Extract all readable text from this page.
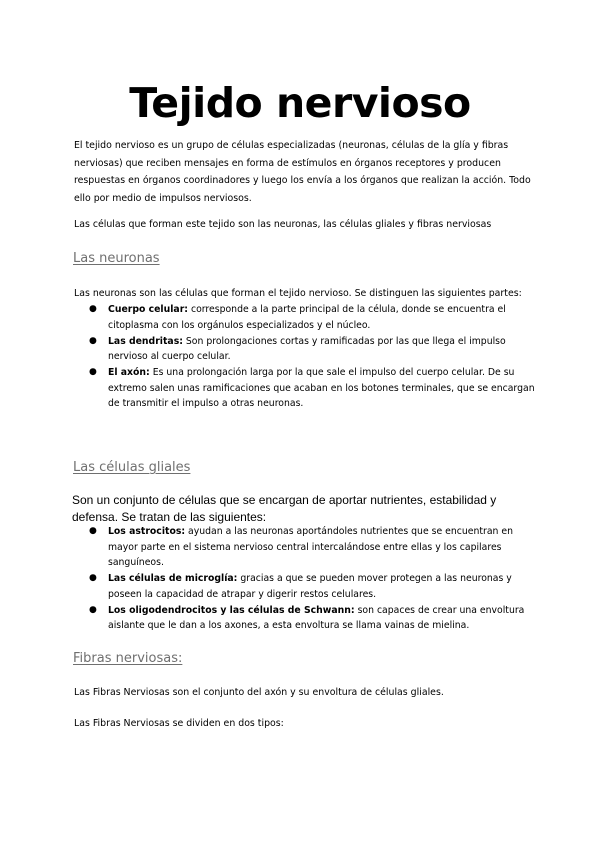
Tejido nervioso

El tejido nervioso es un grupo de células especializadas (neuronas, células de la glía y fibras nerviosas) que reciben mensajes en forma de estímulos en órganos receptores y producen respuestas en órganos coordinadores y luego los envía a los órganos que realizan la acción. Todo ello por medio de impulsos nerviosos.

Las células que forman este tejido son las neuronas, las células gliales y fibras nerviosas

Las neuronas

Las neuronas son las células que forman el tejido nervioso. Se distinguen las siguientes partes:

● Cuerpo celular: corresponde a la parte principal de la célula, donde se encuentra el citoplasma con los orgánulos especializados y el núcleo.
● Las dendritas: Son prolongaciones cortas y ramificadas por las que llega el impulso nervioso al cuerpo celular.
● El axón: Es una prolongación larga por la que sale el impulso del cuerpo celular. De su extremo salen unas ramificaciones que acaban en los botones terminales, que se encargan de transmitir el impulso a otras neuronas.
Las células gliales

Son un conjunto de células que se encargan de aportar nutrientes, estabilidad y defensa. Se tratan de las siguientes:

● Los astrocitos: ayudan a las neuronas aportándoles nutrientes que se encuentran en mayor parte en el sistema nervioso central intercalándose entre ellas y los capilares sanguíneos.
● Las células de microglía: gracias a que se pueden mover protegen a las neuronas y poseen la capacidad de atrapar y digerir restos celulares.
● Los oligodendrocitos y las células de Schwann: son capaces de crear una envoltura aislante que le dan a los axones, a esta envoltura se llama vainas de mielina.
Fibras nerviosas:

Las Fibras Nerviosas son el conjunto del axón y su envoltura de células gliales.

Las Fibras Nerviosas se dividen en dos tipos:
